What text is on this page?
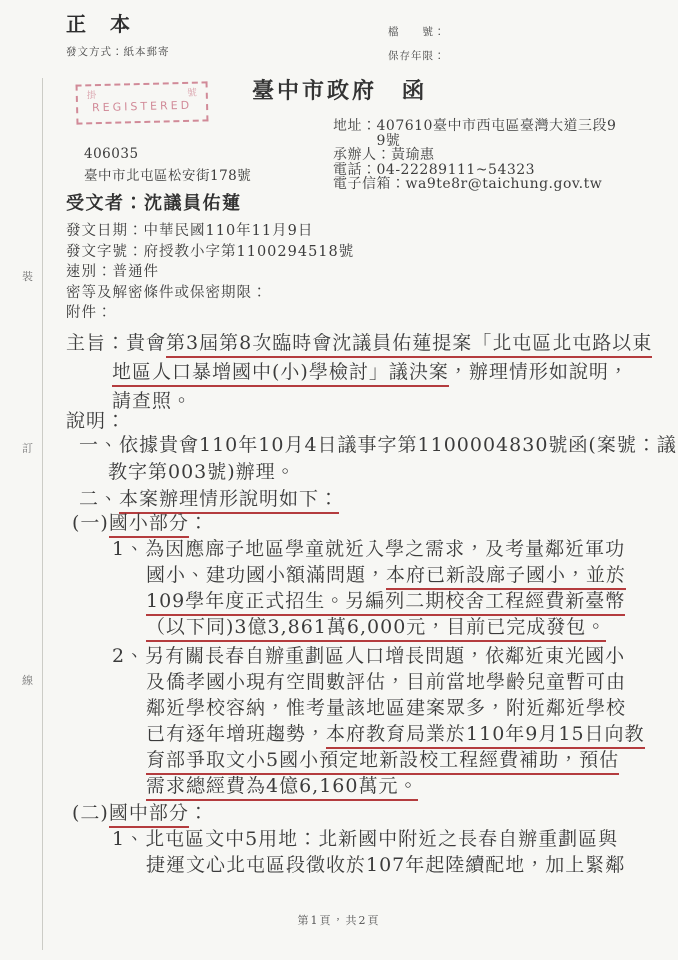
正　本
發文方式：紙本郵寄
檔　　號：
保存年限：
臺中市政府　函
掛	號
REGISTERED
地址：407610臺中市西屯區臺灣大道三段9
　　　9號
承辦人：黃瑜惠
電話：04-22289111~54323
電子信箱：wa9te8r@taichung.gov.tw
406035
臺中市北屯區松安街178號
受文者：沈議員佑蓮
發文日期：中華民國110年11月9日
發文字號：府授教小字第1100294518號
速別：普通件
密等及解密條件或保密期限：
附件：
主旨：貴會第3屆第8次臨時會沈議員佑蓮提案「北屯區北屯路以東
地區人口暴增國中(小)學檢討」議決案，辦理情形如說明，
請查照。
說明：
一、依據貴會110年10月4日議事字第1100004830號函(案號：議
教字第003號)辦理。
二、本案辦理情形說明如下：
(一)國小部分：
1、為因應廍子地區學童就近入學之需求，及考量鄰近軍功
國小、建功國小額滿問題，本府已新設廍子國小，並於
109學年度正式招生。另編列二期校舍工程經費新臺幣
（以下同)3億3,861萬6,000元，目前已完成發包。
2、另有關長春自辦重劃區人口增長問題，依鄰近東光國小
及僑孝國小現有空間數評估，目前當地學齡兒童暫可由
鄰近學校容納，惟考量該地區建案眾多，附近鄰近學校
已有逐年增班趨勢，本府教育局業於110年9月15日向教
育部爭取文小5國小預定地新設校工程經費補助，預估
需求總經費為4億6,160萬元。
(二)國中部分：
1、北屯區文中5用地：北新國中附近之長春自辦重劃區與
捷運文心北屯區段徵收於107年起陸續配地，加上緊鄰
裝
訂
線
第1頁，共2頁
